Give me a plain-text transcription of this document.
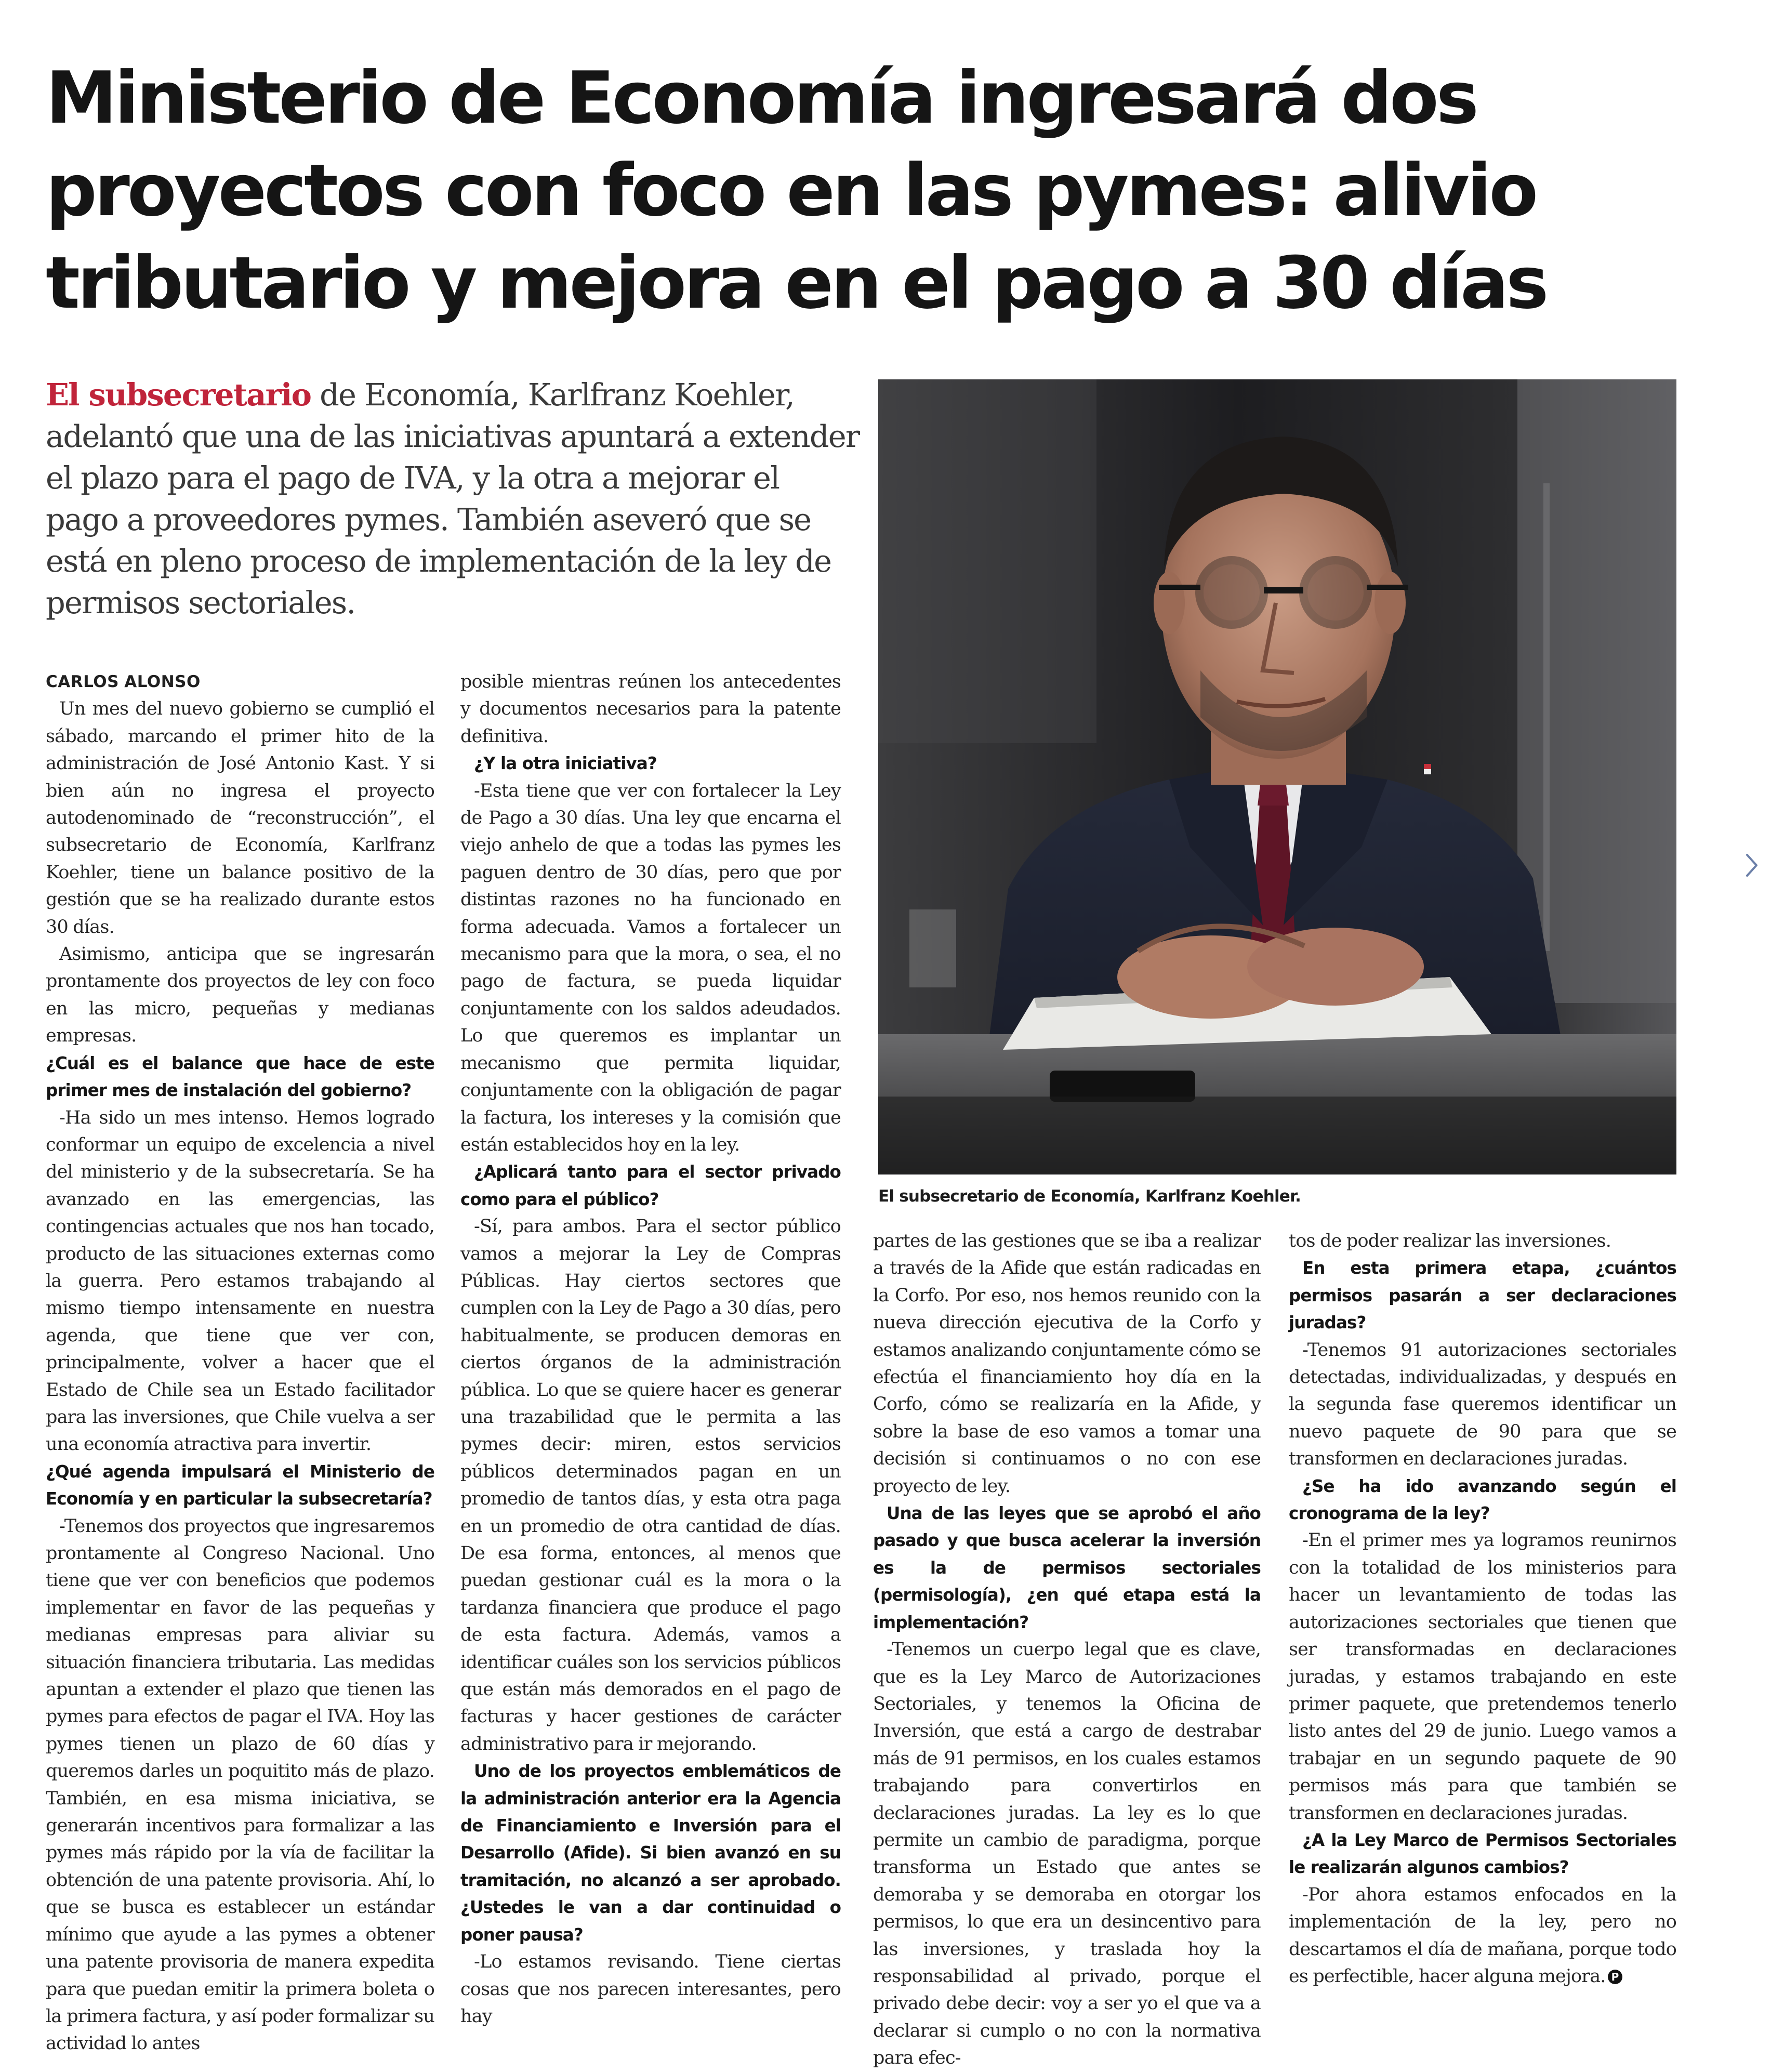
Ministerio de Economía ingresará dos
proyectos con foco en las pymes: alivio
tributario y mejora en el pago a 30 días
El subsecretario de Economía, Karlfranz Koehler,
adelantó que una de las iniciativas apuntará a extender
el plazo para el pago de IVA, y la otra a mejorar el
pago a proveedores pymes. También aseveró que se
está en pleno proceso de implementación de la ley de
permisos sectoriales.
El subsecretario de Economía, Karlfranz Koehler.

CARLOS ALONSO

Un mes del nuevo gobierno se cumplió el sábado, marcando el primer hito de la administración de José Antonio Kast. Y si bien aún no ingresa el proyecto autodenominado de “reconstrucción”, el subsecretario de Economía, Karlfranz Koehler, tiene un balance positivo de la gestión que se ha realizado durante estos 30 días.

Asimismo, anticipa que se ingresarán prontamente dos proyectos de ley con foco en las micro, pequeñas y medianas empresas.

¿Cuál es el balance que hace de este primer mes de instalación del gobierno?

-Ha sido un mes intenso. Hemos logrado conformar un equipo de excelencia a nivel del ministerio y de la subsecretaría. Se ha avanzado en las emergencias, las contingencias actuales que nos han tocado, producto de las situaciones externas como la guerra. Pero estamos trabajando al mismo tiempo intensamente en nuestra agenda, que tiene que ver con, principalmente, volver a hacer que el Estado de Chile sea un Estado facilitador para las inversiones, que Chile vuelva a ser una economía atractiva para invertir.

¿Qué agenda impulsará el Ministerio de Economía y en particular la subsecretaría?

-Tenemos dos proyectos que ingresaremos prontamente al Congreso Nacional. Uno tiene que ver con beneficios que podemos implementar en favor de las pequeñas y medianas empresas para aliviar su situación financiera tributaria. Las medidas apuntan a extender el plazo que tienen las pymes para efectos de pagar el IVA. Hoy las pymes tienen un plazo de 60 días y queremos darles un poquitito más de plazo. También, en esa misma iniciativa, se generarán incentivos para formalizar a las pymes más rápido por la vía de facilitar la obtención de una patente provisoria. Ahí, lo que se busca es establecer un estándar mínimo que ayude a las pymes a obtener una patente provisoria de manera expedita para que puedan emitir la primera boleta o la primera factura, y así poder formalizar su actividad lo antes

posible mientras reúnen los antecedentes y documentos necesarios para la patente definitiva.

¿Y la otra iniciativa?

-Esta tiene que ver con fortalecer la Ley de Pago a 30 días. Una ley que encarna el viejo anhelo de que a todas las pymes les paguen dentro de 30 días, pero que por distintas razones no ha funcionado en forma adecuada. Vamos a fortalecer un mecanismo para que la mora, o sea, el no pago de factura, se pueda liquidar conjuntamente con los saldos adeudados. Lo que queremos es implantar un mecanismo que permita liquidar, conjuntamente con la obligación de pagar la factura, los intereses y la comisión que están establecidos hoy en la ley.

¿Aplicará tanto para el sector privado como para el público?

-Sí, para ambos. Para el sector público vamos a mejorar la Ley de Compras Públicas. Hay ciertos sectores que cumplen con la Ley de Pago a 30 días, pero habitualmente, se producen demoras en ciertos órganos de la administración pública. Lo que se quiere hacer es generar una trazabilidad que le permita a las pymes decir: miren, estos servicios públicos determinados pagan en un promedio de tantos días, y esta otra paga en un promedio de otra cantidad de días. De esa forma, entonces, al menos que puedan gestionar cuál es la mora o la tardanza financiera que produce el pago de esta factura. Además, vamos a identificar cuáles son los servicios públicos que están más demorados en el pago de facturas y hacer gestiones de carácter administrativo para ir mejorando.

Uno de los proyectos emblemáticos de la administración anterior era la Agencia de Financiamiento e Inversión para el Desarrollo (Afide). Si bien avanzó en su tramitación, no alcanzó a ser aprobado. ¿Ustedes le van a dar continuidad o poner pausa?

-Lo estamos revisando. Tiene ciertas cosas que nos parecen interesantes, pero hay

partes de las gestiones que se iba a realizar a través de la Afide que están radicadas en la Corfo. Por eso, nos hemos reunido con la nueva dirección ejecutiva de la Corfo y estamos analizando conjuntamente cómo se efectúa el financiamiento hoy día en la Corfo, cómo se realizaría en la Afide, y sobre la base de eso vamos a tomar una decisión si continuamos o no con ese proyecto de ley.

Una de las leyes que se aprobó el año pasado y que busca acelerar la inversión es la de permisos sectoriales (permisología), ¿en qué etapa está la implementación?

-Tenemos un cuerpo legal que es clave, que es la Ley Marco de Autorizaciones Sectoriales, y tenemos la Oficina de Inversión, que está a cargo de destrabar más de 91 permisos, en los cuales estamos trabajando para convertirlos en declaraciones juradas. La ley es lo que permite un cambio de paradigma, porque transforma un Estado que antes se demoraba y se demoraba en otorgar los permisos, lo que era un desincentivo para las inversiones, y traslada hoy la responsabilidad al privado, porque el privado debe decir: voy a ser yo el que va a declarar si cumplo o no con la normativa para efec-

tos de poder realizar las inversiones.

En esta primera etapa, ¿cuántos permisos pasarán a ser declaraciones juradas?

-Tenemos 91 autorizaciones sectoriales detectadas, individualizadas, y después en la segunda fase queremos identificar un nuevo paquete de 90 para que se transformen en declaraciones juradas.

¿Se ha ido avanzando según el cronograma de la ley?

-En el primer mes ya logramos reunirnos con la totalidad de los ministerios para hacer un levantamiento de todas las autorizaciones sectoriales que tienen que ser transformadas en declaraciones juradas, y estamos trabajando en este primer paquete, que pretendemos tenerlo listo antes del 29 de junio. Luego vamos a trabajar en un segundo paquete de 90 permisos más para que también se transformen en declaraciones juradas.

¿A la Ley Marco de Permisos Sectoriales le realizarán algunos cambios?

-Por ahora estamos enfocados en la implementación de la ley, pero no descartamos el día de mañana, porque todo es perfectible, hacer alguna mejora. P
